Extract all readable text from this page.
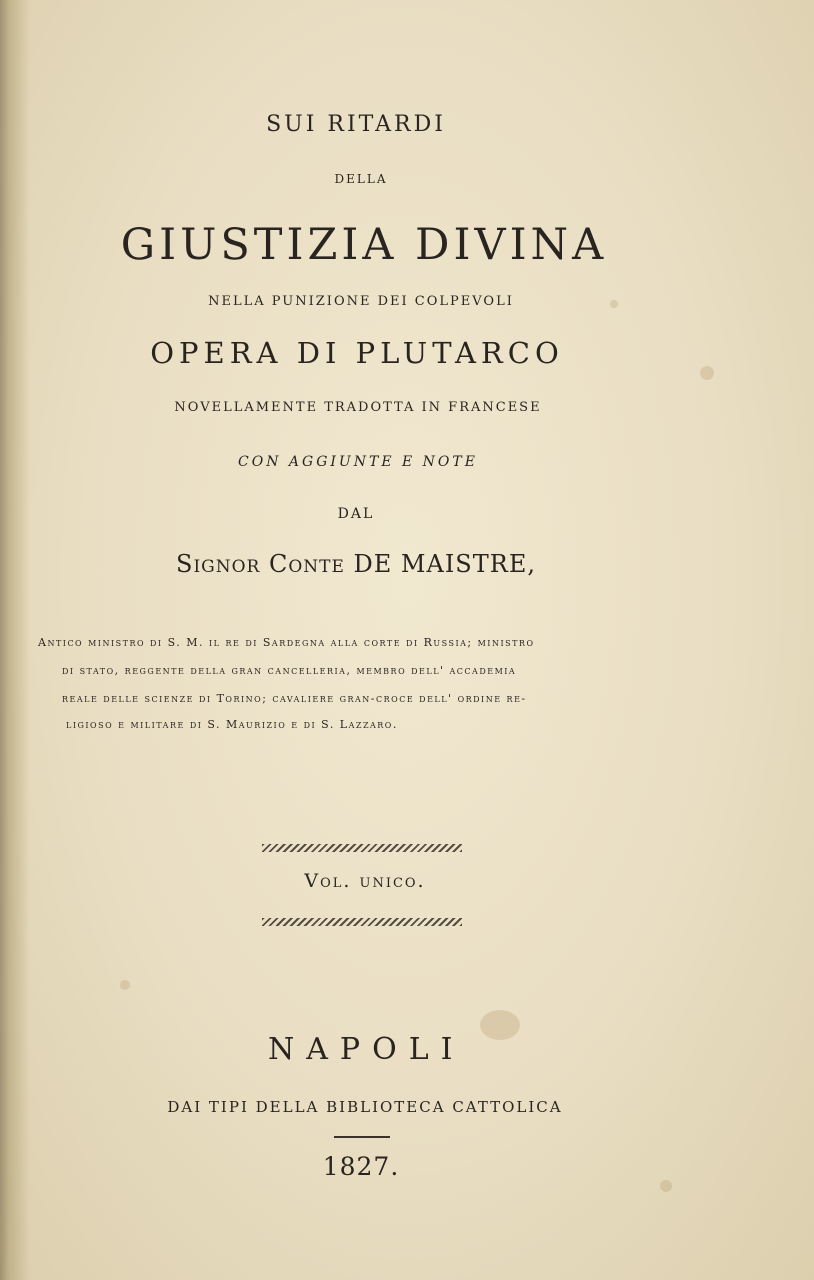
SUI RITARDI
DELLA
GIUSTIZIA DIVINA
NELLA PUNIZIONE DEI COLPEVOLI
OPERA DI PLUTARCO
NOVELLAMENTE TRADOTTA IN FRANCESE
CON AGGIUNTE E NOTE
DAL
Signor Conte DE MAISTRE,
Antico ministro di S. M. il re di Sardegna alla corte di Russia; ministro
di stato, reggente della gran cancelleria, membro dell' accademia
reale delle scienze di Torino; cavaliere gran-croce dell' ordine re-
ligioso e militare di S. Maurizio e di S. Lazzaro.
Vol. unico.
NAPOLI
DAI TIPI DELLA BIBLIOTECA CATTOLICA
1827.
